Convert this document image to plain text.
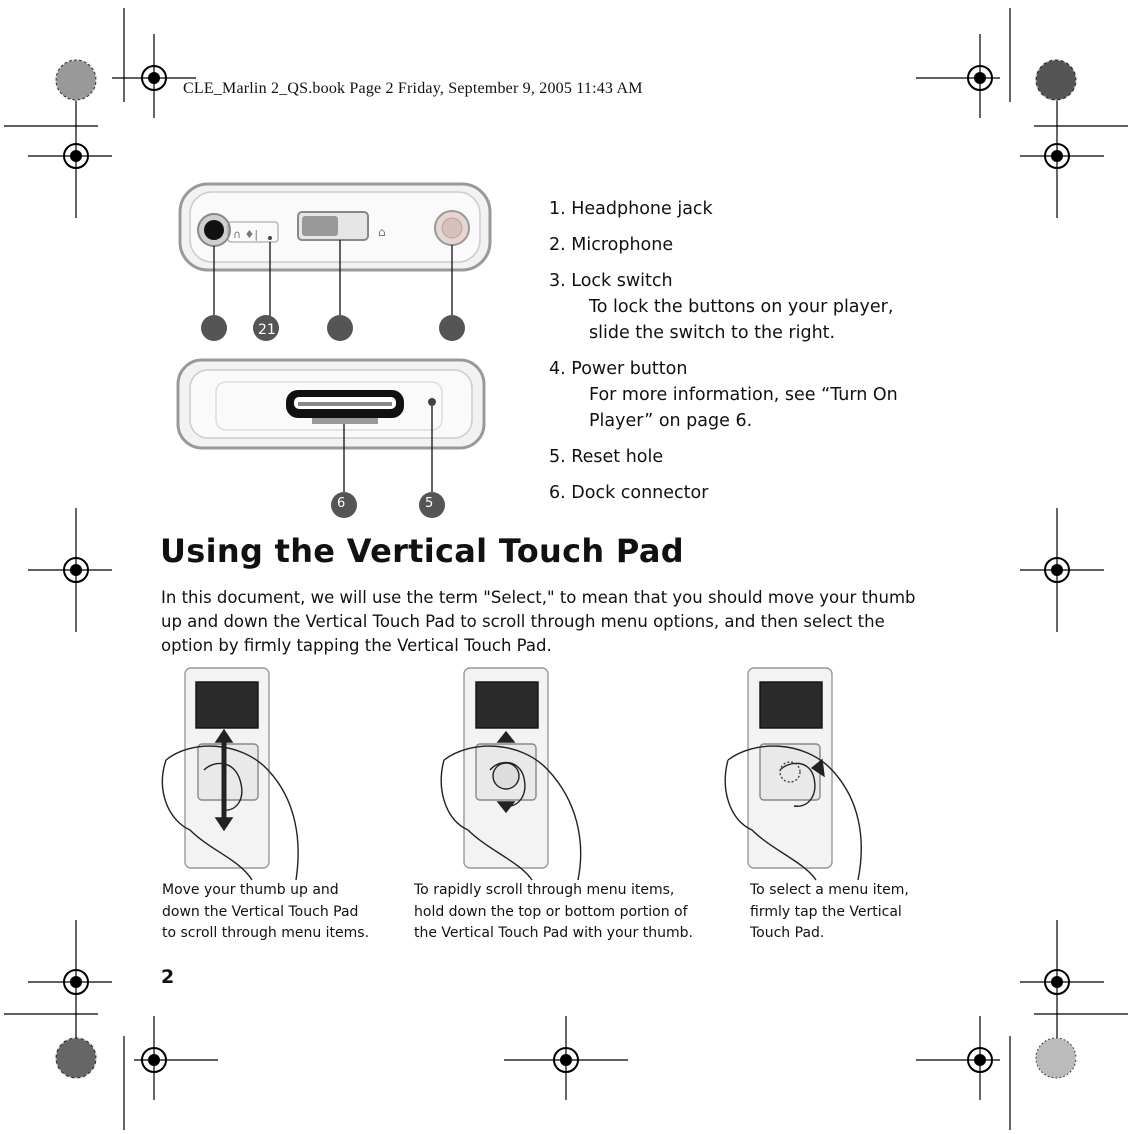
∩ ♦|	⌂
21
CLE_Marlin 2_QS.book Page 2 Friday, September 9, 2005 11:43 AM
1. Headphone jack
2. Microphone
3. Lock switch
To lock the buttons on your player,
slide the switch to the right.
4. Power button
For more information, see “Turn On
Player” on page 6.
5. Reset hole
6. Dock connector
6	5
Using the Vertical Touch Pad
In this document, we will use the term "Select," to mean that you should move your thumb
up and down the Vertical Touch Pad to scroll through menu options, and then select the
option by firmly tapping the Vertical Touch Pad.
Move your thumb up and
down the Vertical Touch Pad
to scroll through menu items.
To rapidly scroll through menu items,
hold down the top or bottom portion of
the Vertical Touch Pad with your thumb.
To select a menu item,
firmly tap the Vertical
Touch Pad.
2
